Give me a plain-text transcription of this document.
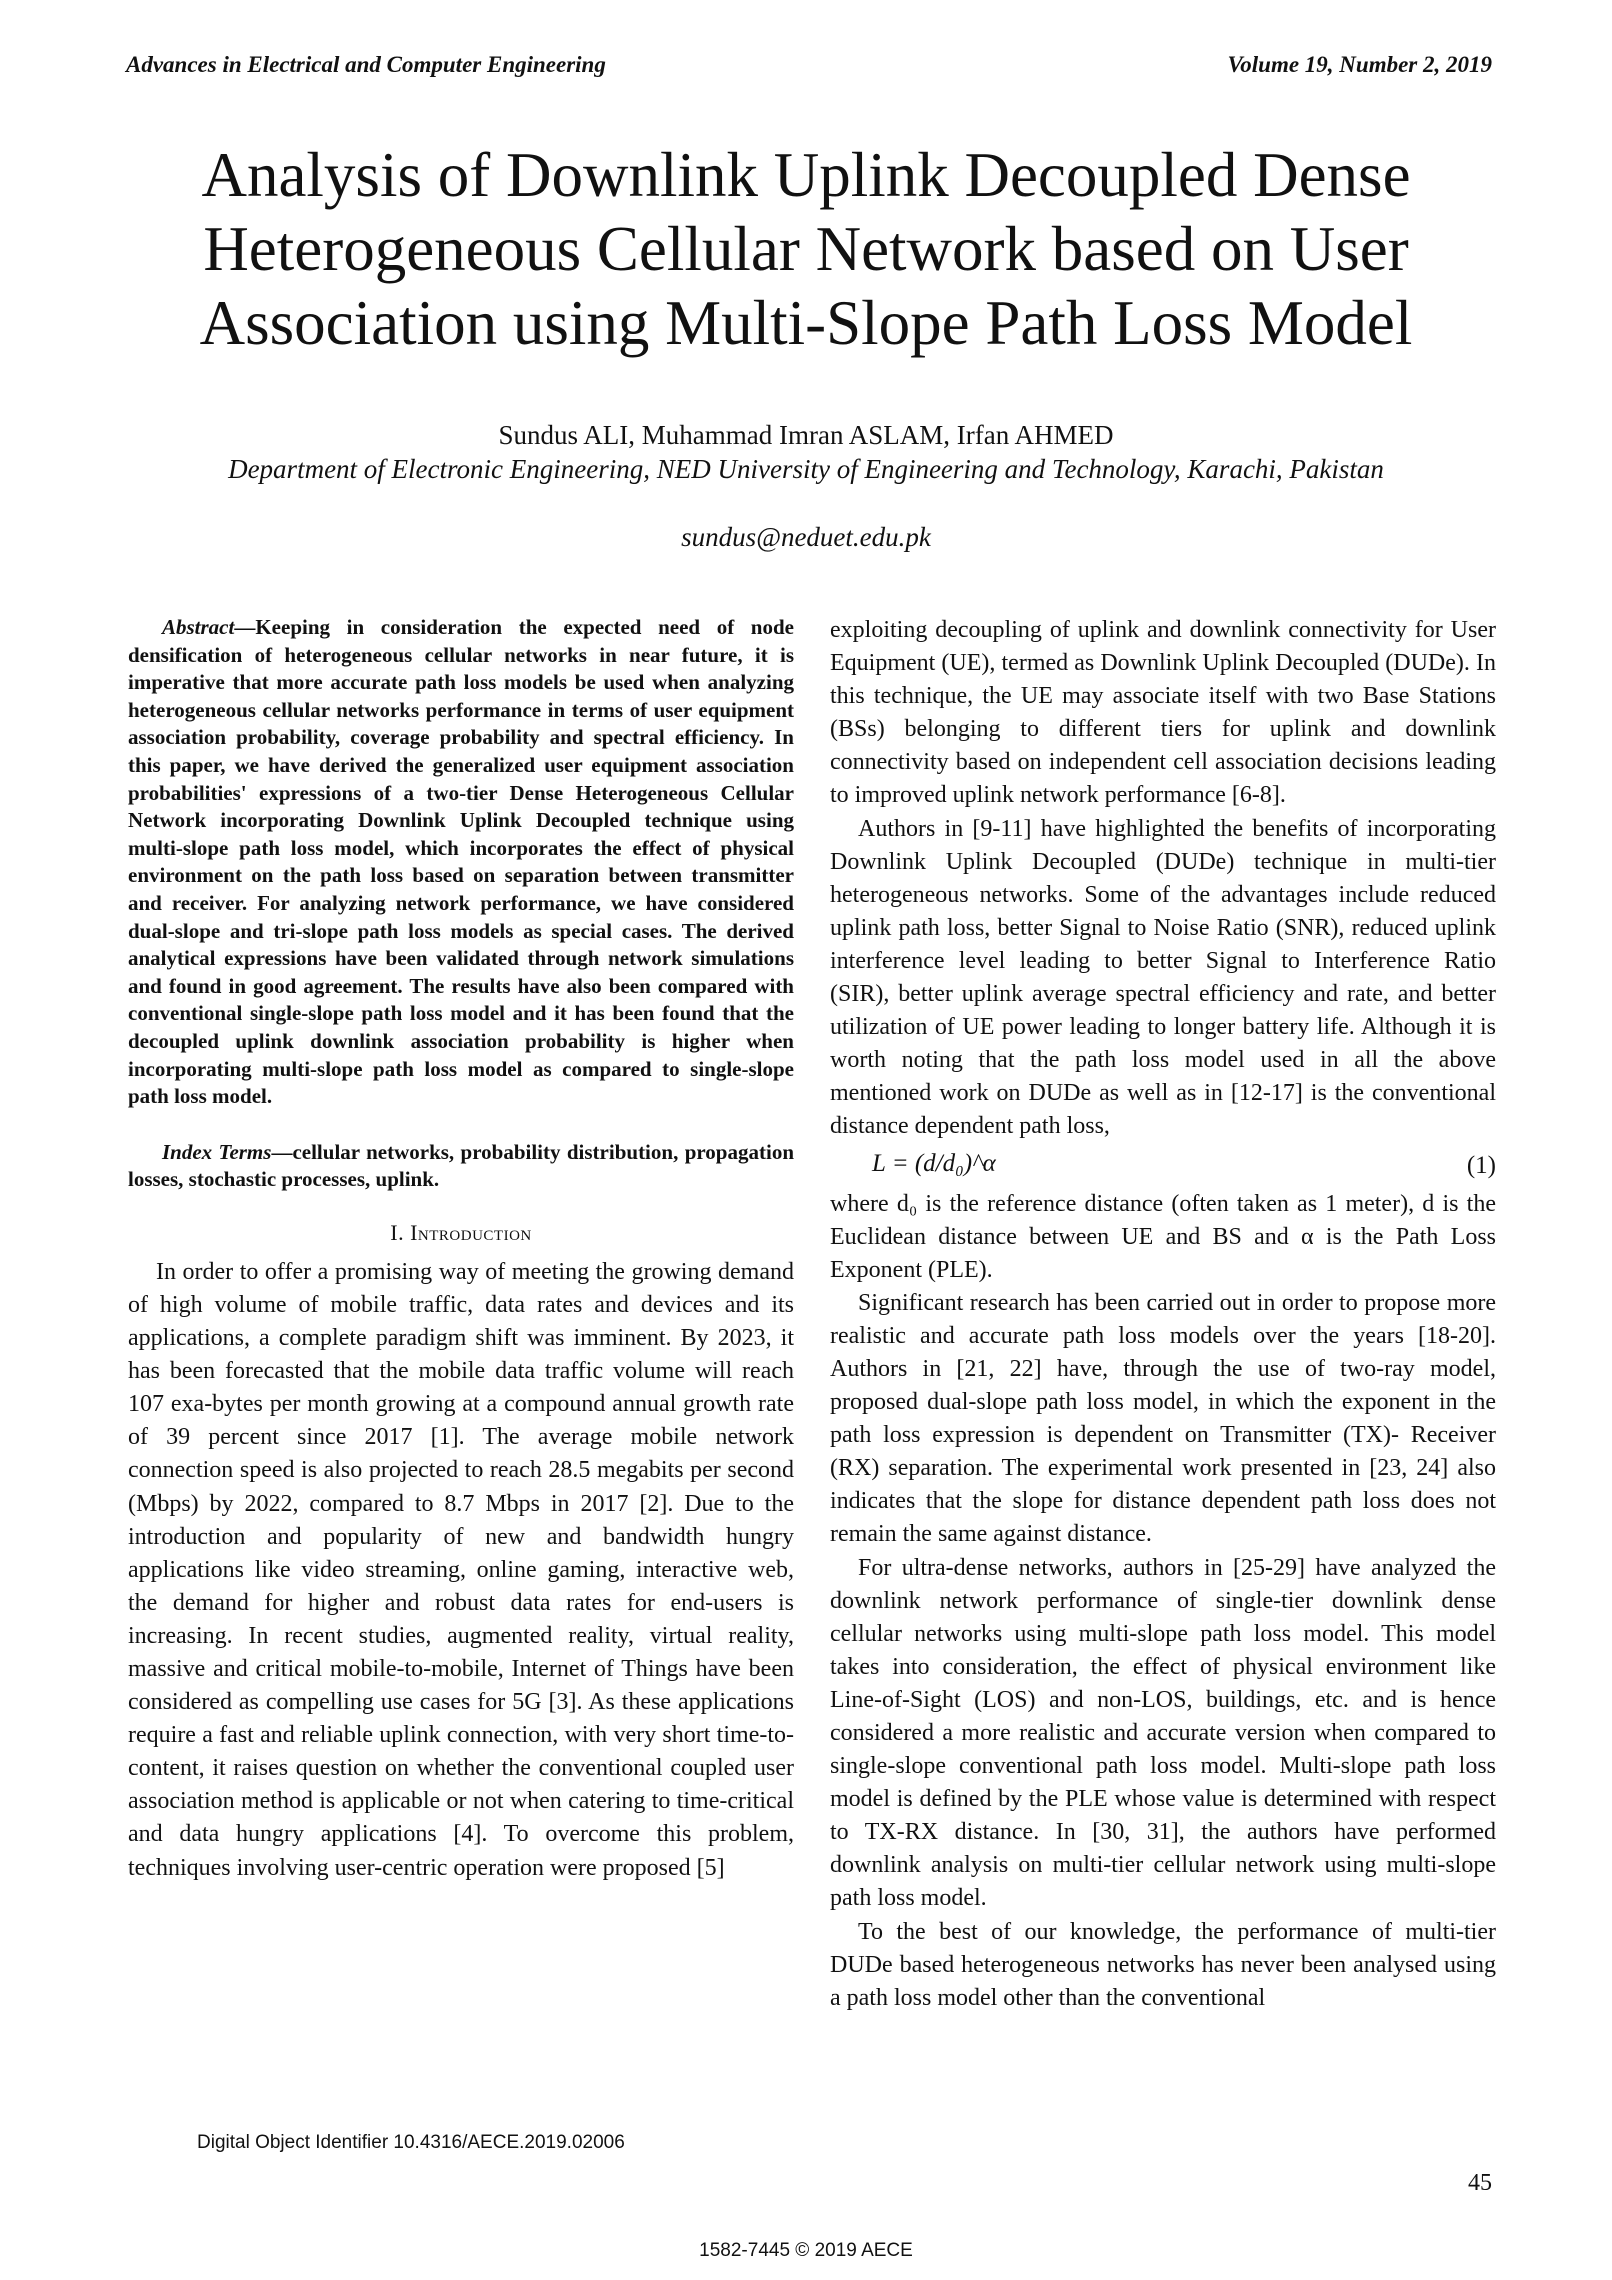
Advances in Electrical and Computer Engineering	Volume 19, Number 2, 2019
Analysis of Downlink Uplink Decoupled Dense Heterogeneous Cellular Network based on User Association using Multi-Slope Path Loss Model
Sundus ALI, Muhammad Imran ASLAM, Irfan AHMED
Department of Electronic Engineering, NED University of Engineering and Technology, Karachi, Pakistan
sundus@neduet.edu.pk

Abstract—Keeping in consideration the expected need of node densification of heterogeneous cellular networks in near future, it is imperative that more accurate path loss models be used when analyzing heterogeneous cellular networks performance in terms of user equipment association probability, coverage probability and spectral efficiency. In this paper, we have derived the generalized user equipment association probabilities' expressions of a two-tier Dense Heterogeneous Cellular Network incorporating Downlink Uplink Decoupled technique using multi-slope path loss model, which incorporates the effect of physical environment on the path loss based on separation between transmitter and receiver. For analyzing network performance, we have considered dual-slope and tri-slope path loss models as special cases. The derived analytical expressions have been validated through network simulations and found in good agreement. The results have also been compared with conventional single-slope path loss model and it has been found that the decoupled uplink downlink association probability is higher when incorporating multi-slope path loss model as compared to single-slope path loss model.

Index Terms—cellular networks, probability distribution, propagation losses, stochastic processes, uplink.

I. Introduction

In order to offer a promising way of meeting the growing demand of high volume of mobile traffic, data rates and devices and its applications, a complete paradigm shift was imminent. By 2023, it has been forecasted that the mobile data traffic volume will reach 107 exa-bytes per month growing at a compound annual growth rate of 39 percent since 2017 [1]. The average mobile network connection speed is also projected to reach 28.5 megabits per second (Mbps) by 2022, compared to 8.7 Mbps in 2017 [2]. Due to the introduction and popularity of new and bandwidth hungry applications like video streaming, online gaming, interactive web, the demand for higher and robust data rates for end-users is increasing. In recent studies, augmented reality, virtual reality, massive and critical mobile-to-mobile, Internet of Things have been considered as compelling use cases for 5G [3]. As these applications require a fast and reliable uplink connection, with very short time-to-content, it raises question on whether the conventional coupled user association method is applicable or not when catering to time-critical and data hungry applications [4]. To overcome this problem, techniques involving user-centric operation were proposed [5]

exploiting decoupling of uplink and downlink connectivity for User Equipment (UE), termed as Downlink Uplink Decoupled (DUDe). In this technique, the UE may associate itself with two Base Stations (BSs) belonging to different tiers for uplink and downlink connectivity based on independent cell association decisions leading to improved uplink network performance [6-8].

Authors in [9-11] have highlighted the benefits of incorporating Downlink Uplink Decoupled (DUDe) technique in multi-tier heterogeneous networks. Some of the advantages include reduced uplink path loss, better Signal to Noise Ratio (SNR), reduced uplink interference level leading to better Signal to Interference Ratio (SIR), better uplink average spectral efficiency and rate, and better utilization of UE power leading to longer battery life. Although it is worth noting that the path loss model used in all the above mentioned work on DUDe as well as in [12-17] is the conventional distance dependent path loss,

L = (d/d₀)^α	(1)

where d₀ is the reference distance (often taken as 1 meter), d is the Euclidean distance between UE and BS and α is the Path Loss Exponent (PLE).

Significant research has been carried out in order to propose more realistic and accurate path loss models over the years [18-20]. Authors in [21, 22] have, through the use of two-ray model, proposed dual-slope path loss model, in which the exponent in the path loss expression is dependent on Transmitter (TX)- Receiver (RX) separation. The experimental work presented in [23, 24] also indicates that the slope for distance dependent path loss does not remain the same against distance.

For ultra-dense networks, authors in [25-29] have analyzed the downlink network performance of single-tier downlink dense cellular networks using multi-slope path loss model. This model takes into consideration, the effect of physical environment like Line-of-Sight (LOS) and non-LOS, buildings, etc. and is hence considered a more realistic and accurate version when compared to single-slope conventional path loss model. Multi-slope path loss model is defined by the PLE whose value is determined with respect to TX-RX distance. In [30, 31], the authors have performed downlink analysis on multi-tier cellular network using multi-slope path loss model.

To the best of our knowledge, the performance of multi-tier DUDe based heterogeneous networks has never been analysed using a path loss model other than the conventional

Digital Object Identifier 10.4316/AECE.2019.02006
45
1582-7445 © 2019 AECE
